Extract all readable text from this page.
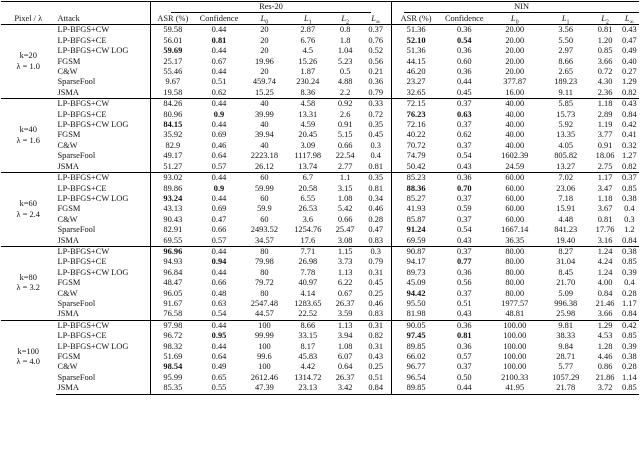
		Res-20						NIN					

Pixel / λ	Attack	ASR (%)	Confidence	$L_0$	$L_1$	$L_2$	$L_\infty$	ASR (%)	Confidence	$L_0$	$L_1$	$L_2$	$L_\infty$

k=20
λ = 1.0	LP-BFGS+CW	59.58	0.44	20	2.87	0.8	0.37	51.36	0.36	20.00	3.56	0.81	0.43
	LP-BFGS+CE	56.01	0.81	20	6.76	1.8	0.76	52.10	0.54	20.00	5.50	1.20	0.47
	LP-BFGS+CW LOG	59.69	0.44	20	4.5	1.04	0.52	51.36	0.36	20.00	2.97	0.85	0.49
	FGSM	25.17	0.67	19.96	15.26	5.23	0.56	44.15	0.60	20.00	8.66	3.66	0.40
	C&W	55.46	0.44	20	1.87	0.5	0.21	46.20	0.36	20.00	2.65	0.72	0.27
	SparseFool	9.67	0.51	459.74	230.24	4.88	0.36	23.27	0.44	377.87	189.23	4.30	1.29
	JSMA	19.58	0.62	15.25	8.36	2.2	0.79	32.65	0.45	16.00	9.11	2.36	0.82

k=40
λ = 1.6	LP-BFGS+CW	84.26	0.44	40	4.58	0.92	0.33	72.15	0.37	40.00	5.85	1.18	0.43
	LP-BFGS+CE	80.96	0.9	39.99	13.31	2.6	0.72	76.23	0.63	40.00	15.73	2.89	0.84
	LP-BFGS+CW LOG	84.15	0.44	40	4.59	0.91	0.35	72.16	0.37	40.00	5.92	1.19	0.42
	FGSM	35.92	0.69	39.94	20.45	5.15	0.45	40.22	0.62	40.00	13.35	3.77	0.41
	C&W	82.9	0.46	40	3.09	0.66	0.3	70.72	0.37	40.00	4.05	0.91	0.32
	SparseFool	49.17	0.64	2223.18	1117.98	22.54	0.4	74.79	0.54	1602.39	805.82	18.06	1.27
	JSMA	51.27	0.57	26.12	13.74	2.77	0.81	50.42	0.43	24.59	13.27	2.75	0.82

k=60
λ = 2.4	LP-BFGS+CW	93.02	0.44	60	6.7	1.1	0.35	85.23	0.36	60.00	7.02	1.17	0.37
	LP-BFGS+CE	89.86	0.9	59.99	20.58	3.15	0.81	88.36	0.70	60.00	23.06	3.47	0.85
	LP-BFGS+CW LOG	93.24	0.44	60	6.55	1.08	0.34	85.27	0.37	60.00	7.18	1.18	0.38
	FGSM	43.13	0.69	59.9	26.53	5.42	0.46	41.93	0.59	60.00	15.91	3.67	0.4
	C&W	90.43	0.47	60	3.6	0.66	0.28	85.87	0.37	60.00	4.48	0.81	0.3
	SparseFool	82.91	0.66	2493.52	1254.76	25.47	0.47	91.24	0.54	1667.14	841.23	17.76	1.2
	JSMA	69.55	0.57	34.57	17.6	3.08	0.83	69.59	0.43	36.35	19.40	3.16	0.84

k=80
λ = 3.2	LP-BFGS+CW	96.96	0.44	80	7.71	1.15	0.3	90.87	0.37	80.00	8.27	1.24	0.38
	LP-BFGS+CE	94.93	0.94	79.98	26.98	3.73	0.79	94.17	0.77	80.00	31.04	4.24	0.85
	LP-BFGS+CW LOG	96.84	0.44	80	7.78	1.13	0.31	89.73	0.36	80.00	8.45	1.24	0.39
	FGSM	48.47	0.66	79.72	40.97	6.22	0.45	45.09	0.56	80.00	21.70	4.00	0.4
	C&W	96.05	0.48	80	4.14	0.67	0.25	94.42	0.37	80.00	5.09	0.84	0.28
	SparseFool	91.67	0.63	2547.48	1283.65	26.37	0.46	95.50	0.51	1977.57	996.38	21.46	1.17
	JSMA	76.58	0.54	44.57	22.52	3.59	0.83	81.98	0.43	48.81	25.98	3.66	0.84

k=100
λ = 4.0	LP-BFGS+CW	97.98	0.44	100	8.66	1.13	0.31	90.05	0.36	100.00	9.81	1.29	0.42
	LP-BFGS+CE	96.72	0.95	99.99	33.15	3.94	0.82	97.45	0.81	100.00	38.33	4.53	0.85
	LP-BFGS+CW LOG	98.32	0.44	100	8.17	1.08	0.31	89.85	0.36	100.00	9.84	1.28	0.39
	FGSM	51.69	0.64	99.6	45.83	6.07	0.43	66.02	0.57	100.00	28.71	4.46	0.38
	C&W	98.54	0.49	100	4.42	0.64	0.25	96.77	0.37	100.00	5.77	0.86	0.28
	SparseFool	95.99	0.65	2612.46	1314.72	26.37	0.51	96.54	0.50	2100.33	1057.29	21.86	1.14
	JSMA	85.35	0.55	47.39	23.13	3.42	0.84	89.85	0.44	41.95	21.78	3.72	0.85
